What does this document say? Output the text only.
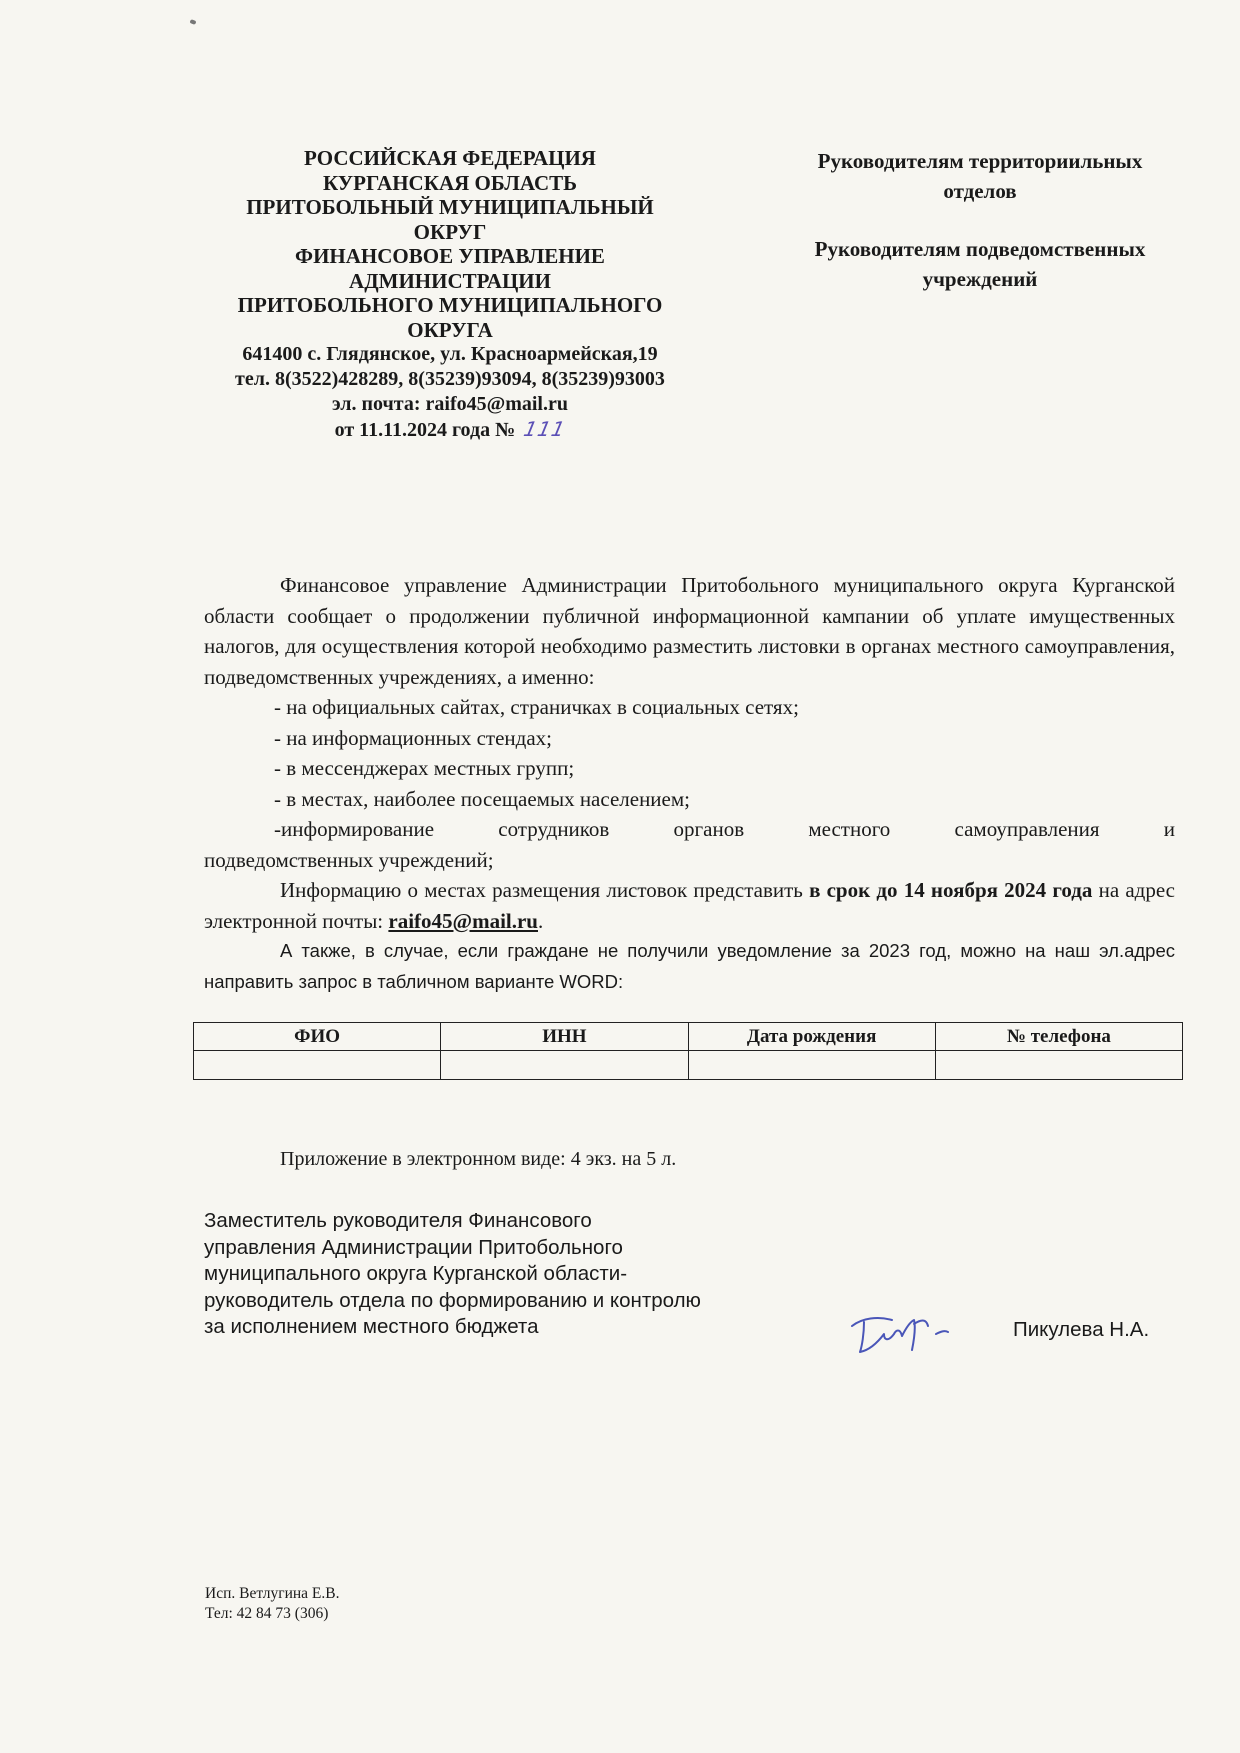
РОССИЙСКАЯ ФЕДЕРАЦИЯ
КУРГАНСКАЯ ОБЛАСТЬ
ПРИТОБОЛЬНЫЙ МУНИЦИПАЛЬНЫЙ
ОКРУГ
ФИНАНСОВОЕ УПРАВЛЕНИЕ
АДМИНИСТРАЦИИ
ПРИТОБОЛЬНОГО МУНИЦИПАЛЬНОГО
ОКРУГА
641400 с. Глядянское, ул. Красноармейская,19
тел. 8(3522)428289, 8(35239)93094, 8(35239)93003
эл. почта: raifo45@mail.ru
от 11.11.2024 года № 111
Руководителям территориильных
отделов
Руководителям подведомственных
учреждений

Финансовое управление Администрации Притобольного муниципального округа Курганской области сообщает о продолжении публичной информационной кампании об уплате имущественных налогов, для осуществления которой необходимо разместить листовки в органах местного самоуправления, подведомственных учреждениях, а именно:

- на официальных сайтах, страничках в социальных сетях;

- на информационных стендах;

- в мессенджерах местных групп;

- в местах, наиболее посещаемых населением;

-информирование сотрудников органов местного самоуправления и

подведомственных учреждений;

Информацию о местах размещения листовок представить в срок до 14 ноября 2024 года на адрес электронной почты: raifo45@mail.ru.

А также, в случае, если граждане не получили уведомление за 2023 год, можно на наш эл.адрес направить запрос в табличном варианте WORD:

ФИО	ИНН	Дата рождения	№ телефона

Приложение в электронном виде: 4 экз. на 5 л.
Заместитель руководителя Финансового
управления Администрации Притобольного
муниципального округа Курганской области-
руководитель отдела по формированию и контролю
за исполнением местного бюджета	Пикулева Н.А.
Исп. Ветлугина Е.В.
Тел: 42 84 73 (306)
